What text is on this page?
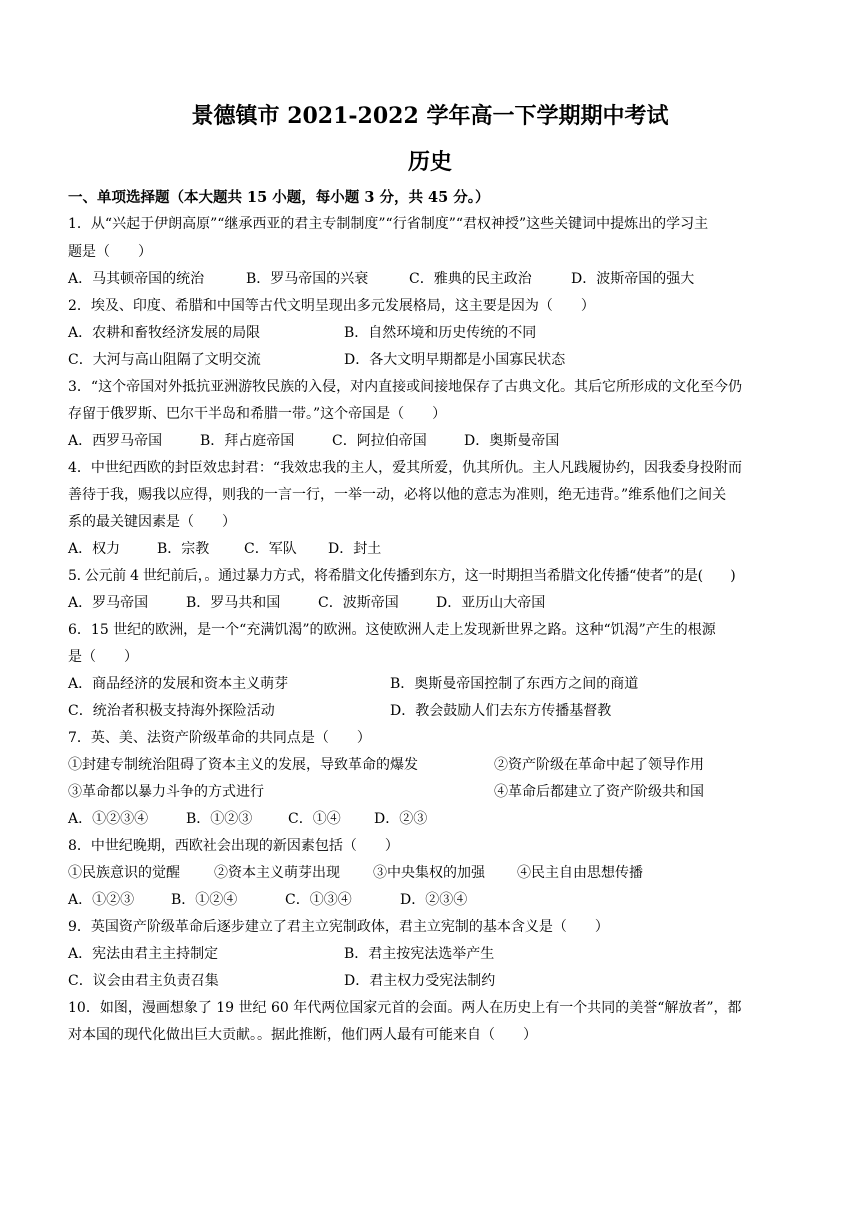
景德镇市 2021-2022 学年高一下学期期中考试
历史
一、单项选择题（本大题共 15 小题，每小题 3 分，共 45 分。）
1．从“兴起于伊朗高原”“继承西亚的君主专制制度”“行省制度”“君权神授”这些关键词中提炼出的学习主
题是（　　）
A．马其顿帝国的统治	B．罗马帝国的兴衰	C．雅典的民主政治	D．波斯帝国的强大
2．埃及、印度、希腊和中国等古代文明呈现出多元发展格局，这主要是因为（　　）
A．农耕和畜牧经济发展的局限	B．自然环境和历史传统的不同
C．大河与高山阻隔了文明交流	D．各大文明早期都是小国寡民状态
3．“这个帝国对外抵抗亚洲游牧民族的入侵，对内直接或间接地保存了古典文化。其后它所形成的文化至今仍
存留于俄罗斯、巴尔干半岛和希腊一带。”这个帝国是（　　）
A．西罗马帝国	B．拜占庭帝国	C．阿拉伯帝国	D．奥斯曼帝国
4．中世纪西欧的封臣效忠封君：“我效忠我的主人，爱其所爱，仇其所仇。主人凡践履协约，因我委身投附而
善待于我，赐我以应得，则我的一言一行，一举一动，必将以他的意志为准则，绝无违背。”维系他们之间关
系的最关键因素是（　　）
A．权力	B．宗教 C．军队 D．封土
5. 公元前 4 世纪前后，。通过暴力方式，将希腊文化传播到东方，这一时期担当希腊文化传播“使者”的是(　　)
A．罗马帝国	B．罗马共和国	C．波斯帝国	D．亚历山大帝国
6．15 世纪的欧洲，是一个“充满饥渴”的欧洲。这使欧洲人走上发现新世界之路。这种“饥渴”产生的根源
是（　　）
A．商品经济的发展和资本主义萌芽	B．奥斯曼帝国控制了东西方之间的商道
C．统治者积极支持海外探险活动	D．教会鼓励人们去东方传播基督教
7．英、美、法资产阶级革命的共同点是（　　）
①封建专制统治阻碍了资本主义的发展，导致革命的爆发	②资产阶级在革命中起了领导作用
③革命都以暴力斗争的方式进行	④革命后都建立了资产阶级共和国
A．①②③④	B．①②③	C．①④ D．②③
8．中世纪晚期，西欧社会出现的新因素包括（　　）
①民族意识的觉醒 ②资本主义萌芽出现 ③中央集权的加强 ④民主自由思想传播
A．①②③	B．①②④	C．①③④	D．②③④
9．英国资产阶级革命后逐步建立了君主立宪制政体，君主立宪制的基本含义是（　　）
A．宪法由君主主持制定	B．君主按宪法选举产生
C．议会由君主负责召集	D．君主权力受宪法制约
10．如图，漫画想象了 19 世纪 60 年代两位国家元首的会面。两人在历史上有一个共同的美誉“解放者”，都
对本国的现代化做出巨大贡献。。据此推断，他们两人最有可能来自（　　）
